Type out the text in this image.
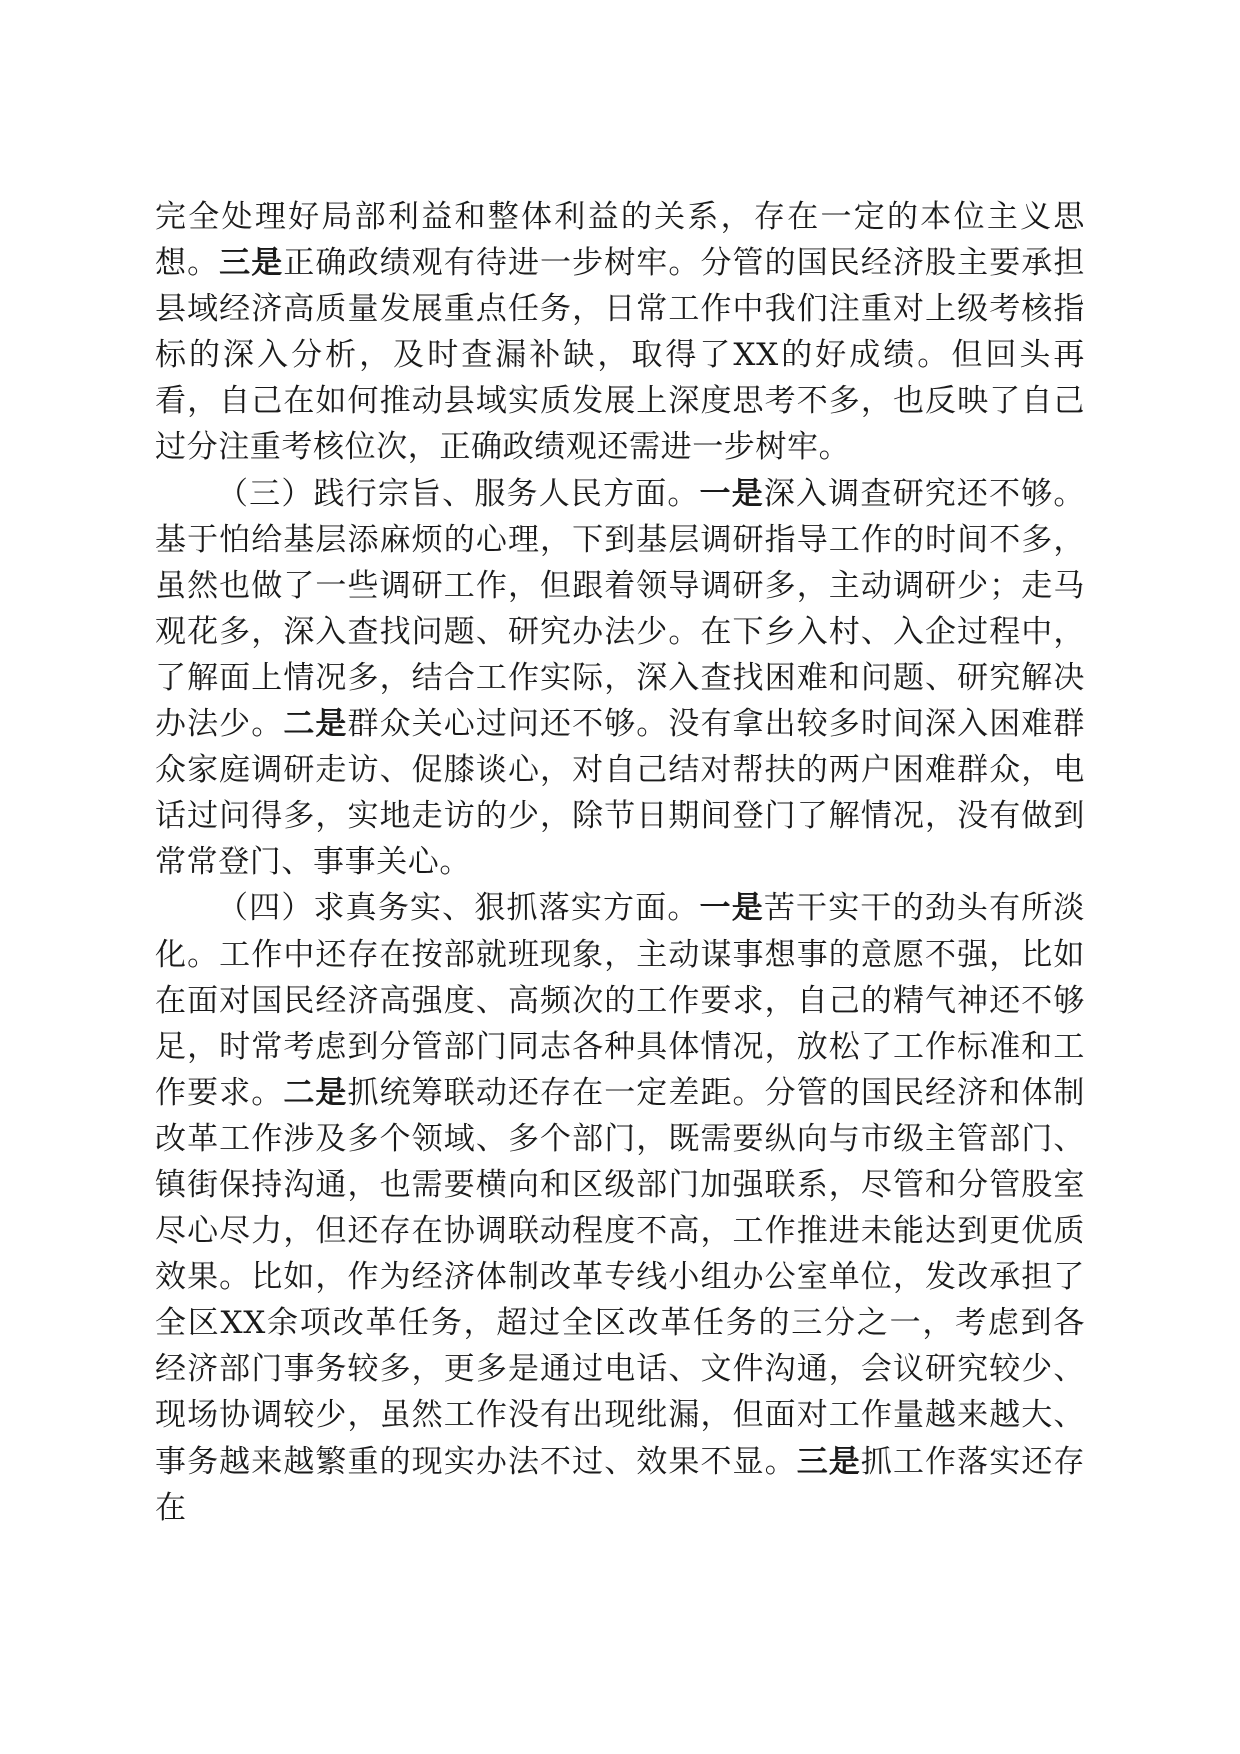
完全处理好局部利益和整体利益的关系，存在一定的本位主义思想。三是正确政绩观有待进一步树牢。分管的国民经济股主要承担县域经济高质量发展重点任务，日常工作中我们注重对上级考核指标的深入分析，及时查漏补缺，取得了XX的好成绩。但回头再看，自己在如何推动县域实质发展上深度思考不多，也反映了自己过分注重考核位次，正确政绩观还需进一步树牢。

（三）践行宗旨、服务人民方面。一是深入调查研究还不够。基于怕给基层添麻烦的心理，下到基层调研指导工作的时间不多，虽然也做了一些调研工作，但跟着领导调研多，主动调研少；走马观花多，深入查找问题、研究办法少。在下乡入村、入企过程中，了解面上情况多，结合工作实际，深入查找困难和问题、研究解决办法少。二是群众关心过问还不够。没有拿出较多时间深入困难群众家庭调研走访、促膝谈心，对自己结对帮扶的两户困难群众，电话过问得多，实地走访的少，除节日期间登门了解情况，没有做到常常登门、事事关心。

（四）求真务实、狠抓落实方面。一是苦干实干的劲头有所淡化。工作中还存在按部就班现象，主动谋事想事的意愿不强，比如在面对国民经济高强度、高频次的工作要求，自己的精气神还不够足，时常考虑到分管部门同志各种具体情况，放松了工作标准和工作要求。二是抓统筹联动还存在一定差距。分管的国民经济和体制改革工作涉及多个领域、多个部门，既需要纵向与市级主管部门、镇街保持沟通，也需要横向和区级部门加强联系，尽管和分管股室尽心尽力，但还存在协调联动程度不高，工作推进未能达到更优质效果。比如，作为经济体制改革专线小组办公室单位，发改承担了全区XX余项改革任务，超过全区改革任务的三分之一，考虑到各经济部门事务较多，更多是通过电话、文件沟通，会议研究较少、现场协调较少，虽然工作没有出现纰漏，但面对工作量越来越大、事务越来越繁重的现实办法不过、效果不显。三是抓工作落实还存在
